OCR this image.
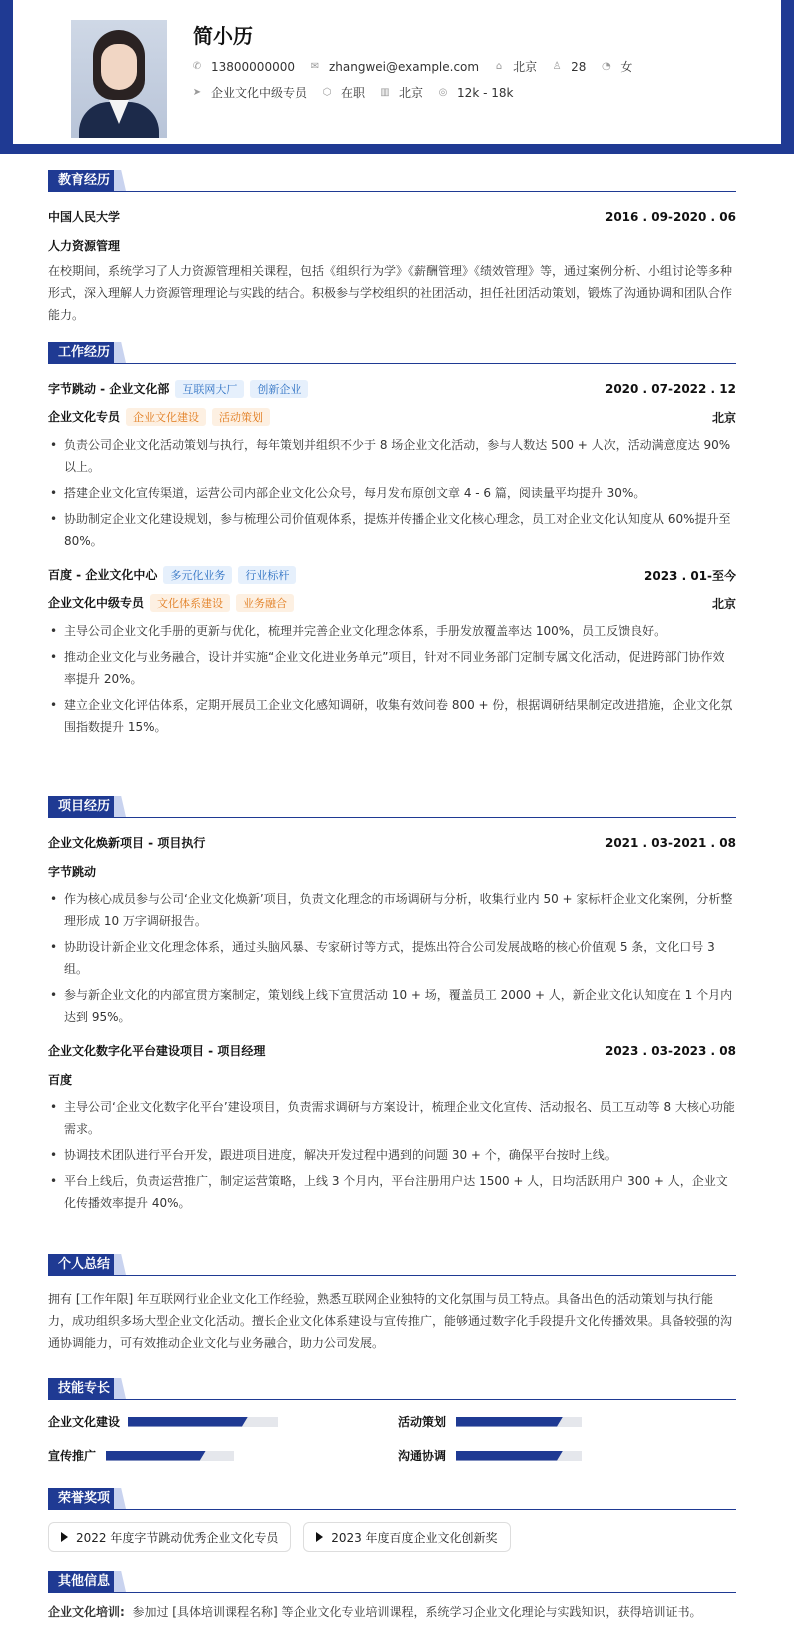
简小历
✆ 13800000000 ✉ zhangwei@example.com ⌂ 北京 ♙ 28 ◔ 女
➤ 企业文化中级专员 ⬡ 在职 ▥ 北京 ◎ 12k - 18k
教育经历
中国人民大学	2016 . 09-2020 . 06
人力资源管理
在校期间，系统学习了人力资源管理相关课程，包括《组织行为学》《薪酬管理》《绩效管理》等，通过案例分析、小组讨论等多种形式，深入理解人力资源管理理论与实践的结合。积极参与学校组织的社团活动，担任社团活动策划，锻炼了沟通协调和团队合作能力。
工作经历
字节跳动 - 企业文化部 互联网大厂 创新企业	2020 . 07-2022 . 12
企业文化专员 企业文化建设 活动策划	北京
• 负责公司企业文化活动策划与执行，每年策划并组织不少于 8 场企业文化活动，参与人数达 500 + 人次，活动满意度达 90% 以上。
• 搭建企业文化宣传渠道，运营公司内部企业文化公众号，每月发布原创文章 4 - 6 篇，阅读量平均提升 30%。
• 协助制定企业文化建设规划，参与梳理公司价值观体系，提炼并传播企业文化核心理念，员工对企业文化认知度从 60%提升至 80%。
百度 - 企业文化中心 多元化业务 行业标杆	2023 . 01-至今
企业文化中级专员 文化体系建设 业务融合	北京
• 主导公司企业文化手册的更新与优化，梳理并完善企业文化理念体系，手册发放覆盖率达 100%，员工反馈良好。
• 推动企业文化与业务融合，设计并实施“企业文化进业务单元”项目，针对不同业务部门定制专属文化活动，促进跨部门协作效率提升 20%。
• 建立企业文化评估体系，定期开展员工企业文化感知调研，收集有效问卷 800 + 份，根据调研结果制定改进措施，企业文化氛围指数提升 15%。
项目经历
企业文化焕新项目 - 项目执行	2021 . 03-2021 . 08
字节跳动
• 作为核心成员参与公司‘企业文化焕新’项目，负责文化理念的市场调研与分析，收集行业内 50 + 家标杆企业文化案例，分析整理形成 10 万字调研报告。
• 协助设计新企业文化理念体系，通过头脑风暴、专家研讨等方式，提炼出符合公司发展战略的核心价值观 5 条，文化口号 3 组。
• 参与新企业文化的内部宣贯方案制定，策划线上线下宣贯活动 10 + 场，覆盖员工 2000 + 人，新企业文化认知度在 1 个月内达到 95%。
企业文化数字化平台建设项目 - 项目经理	2023 . 03-2023 . 08
百度
• 主导公司‘企业文化数字化平台’建设项目，负责需求调研与方案设计，梳理企业文化宣传、活动报名、员工互动等 8 大核心功能需求。
• 协调技术团队进行平台开发，跟进项目进度，解决开发过程中遇到的问题 30 + 个，确保平台按时上线。
• 平台上线后，负责运营推广，制定运营策略，上线 3 个月内，平台注册用户达 1500 + 人，日均活跃用户 300 + 人，企业文化传播效率提升 40%。
个人总结
拥有 [工作年限] 年互联网行业企业文化工作经验，熟悉互联网企业独特的文化氛围与员工特点。具备出色的活动策划与执行能力，成功组织多场大型企业文化活动。擅长企业文化体系建设与宣传推广，能够通过数字化手段提升文化传播效果。具备较强的沟通协调能力，可有效推动企业文化与业务融合，助力公司发展。
技能专长
企业文化建设	活动策划
宣传推广	沟通协调
荣誉奖项
2022 年度字节跳动优秀企业文化专员
	2023 年度百度企业文化创新奖
其他信息
企业文化培训: 参加过 [具体培训课程名称] 等企业文化专业培训课程，系统学习企业文化理论与实践知识，获得培训证书。
